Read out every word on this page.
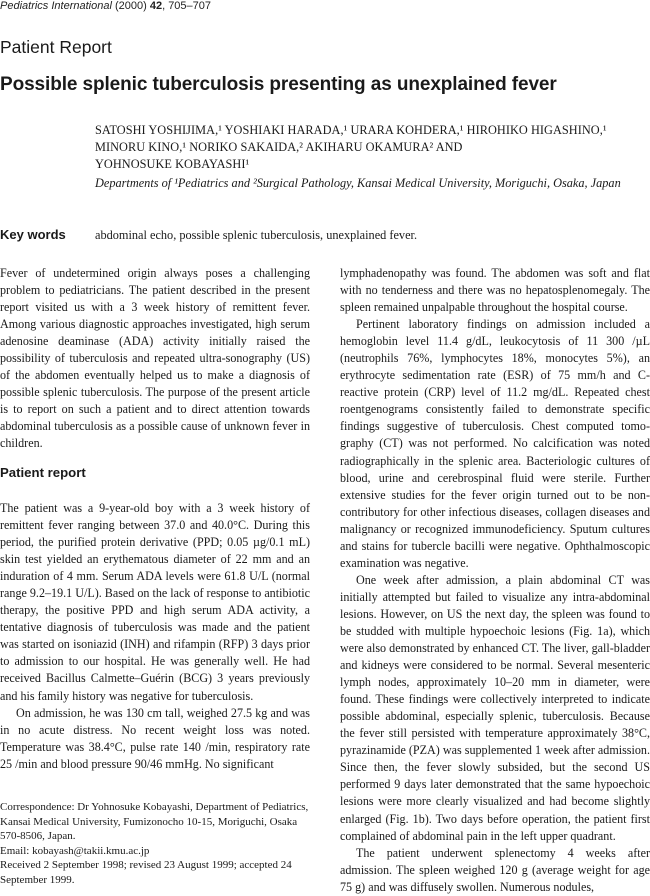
Pediatrics International (2000) 42, 705–707
Patient Report
Possible splenic tuberculosis presenting as unexplained fever
SATOSHI YOSHIJIMA,¹ YOSHIAKI HARADA,¹ URARA KOHDERA,¹ HIROHIKO HIGASHINO,¹
MINORU KINO,¹ NORIKO SAKAIDA,² AKIHARU OKAMURA² AND
YOHNOSUKE KOBAYASHI¹
Departments of ¹Pediatrics and ²Surgical Pathology, Kansai Medical University, Moriguchi, Osaka, Japan
Key words abdominal echo, possible splenic tuberculosis, unexplained fever.

Fever of undetermined origin always poses a challenging problem to pediatricians. The patient described in the present report visited us with a 3 week history of remittent fever. Among various diagnostic approaches investigated, high serum adenosine deaminase (ADA) activity initially raised the possibility of tuberculosis and repeated ultra-sonography (US) of the abdomen eventually helped us to make a diagnosis of possible splenic tuberculosis. The purpose of the present article is to report on such a patient and to direct attention towards abdominal tuberculosis as a possible cause of unknown fever in children.

Patient report

The patient was a 9-year-old boy with a 3 week history of remittent fever ranging between 37.0 and 40.0°C. During this period, the purified protein derivative (PPD; 0.05 µg/0.1 mL) skin test yielded an erythematous diameter of 22 mm and an induration of 4 mm. Serum ADA levels were 61.8 U/L (normal range 9.2–19.1 U/L). Based on the lack of response to antibiotic therapy, the positive PPD and high serum ADA activity, a tentative diagnosis of tuberculosis was made and the patient was started on isoniazid (INH) and rifampin (RFP) 3 days prior to admission to our hospital. He was generally well. He had received Bacillus Calmette–Guérin (BCG) 3 years previously and his family history was negative for tuberculosis.

On admission, he was 130 cm tall, weighed 27.5 kg and was in no acute distress. No recent weight loss was noted. Temperature was 38.4°C, pulse rate 140 /min, respiratory rate 25 /min and blood pressure 90/46 mmHg. No significant

Correspondence: Dr Yohnosuke Kobayashi, Department of Pediatrics, Kansai Medical University, Fumizonocho 10-15, Moriguchi, Osaka 570-8506, Japan.

Email: kobayash@takii.kmu.ac.jp

Received 2 September 1998; revised 23 August 1999; accepted 24 September 1999.

lymphadenopathy was found. The abdomen was soft and flat with no tenderness and there was no hepatosplenomegaly. The spleen remained unpalpable throughout the hospital course.

Pertinent laboratory findings on admission included a hemoglobin level 11.4 g/dL, leukocytosis of 11 300 /µL (neutrophils 76%, lymphocytes 18%, monocytes 5%), an erythrocyte sedimentation rate (ESR) of 75 mm/h and C-reactive protein (CRP) level of 11.2 mg/dL. Repeated chest roentgenograms consistently failed to demonstrate specific findings suggestive of tuberculosis. Chest computed tomo-graphy (CT) was not performed. No calcification was noted radiographically in the splenic area. Bacteriologic cultures of blood, urine and cerebrospinal fluid were sterile. Further extensive studies for the fever origin turned out to be non-contributory for other infectious diseases, collagen diseases and malignancy or recognized immunodeficiency. Sputum cultures and stains for tubercle bacilli were negative. Ophthalmoscopic examination was negative.

One week after admission, a plain abdominal CT was initially attempted but failed to visualize any intra-abdominal lesions. However, on US the next day, the spleen was found to be studded with multiple hypoechoic lesions (Fig. 1a), which were also demonstrated by enhanced CT. The liver, gall-bladder and kidneys were considered to be normal. Several mesenteric lymph nodes, approximately 10–20 mm in diameter, were found. These findings were collectively interpreted to indicate possible abdominal, especially splenic, tuberculosis. Because the fever still persisted with temperature approximately 38°C, pyrazinamide (PZA) was supplemented 1 week after admission. Since then, the fever slowly subsided, but the second US performed 9 days later demonstrated that the same hypoechoic lesions were more clearly visualized and had become slightly enlarged (Fig. 1b). Two days before operation, the patient first complained of abdominal pain in the left upper quadrant.

The patient underwent splenectomy 4 weeks after admission. The spleen weighed 120 g (average weight for age 75 g) and was diffusely swollen. Numerous nodules,
